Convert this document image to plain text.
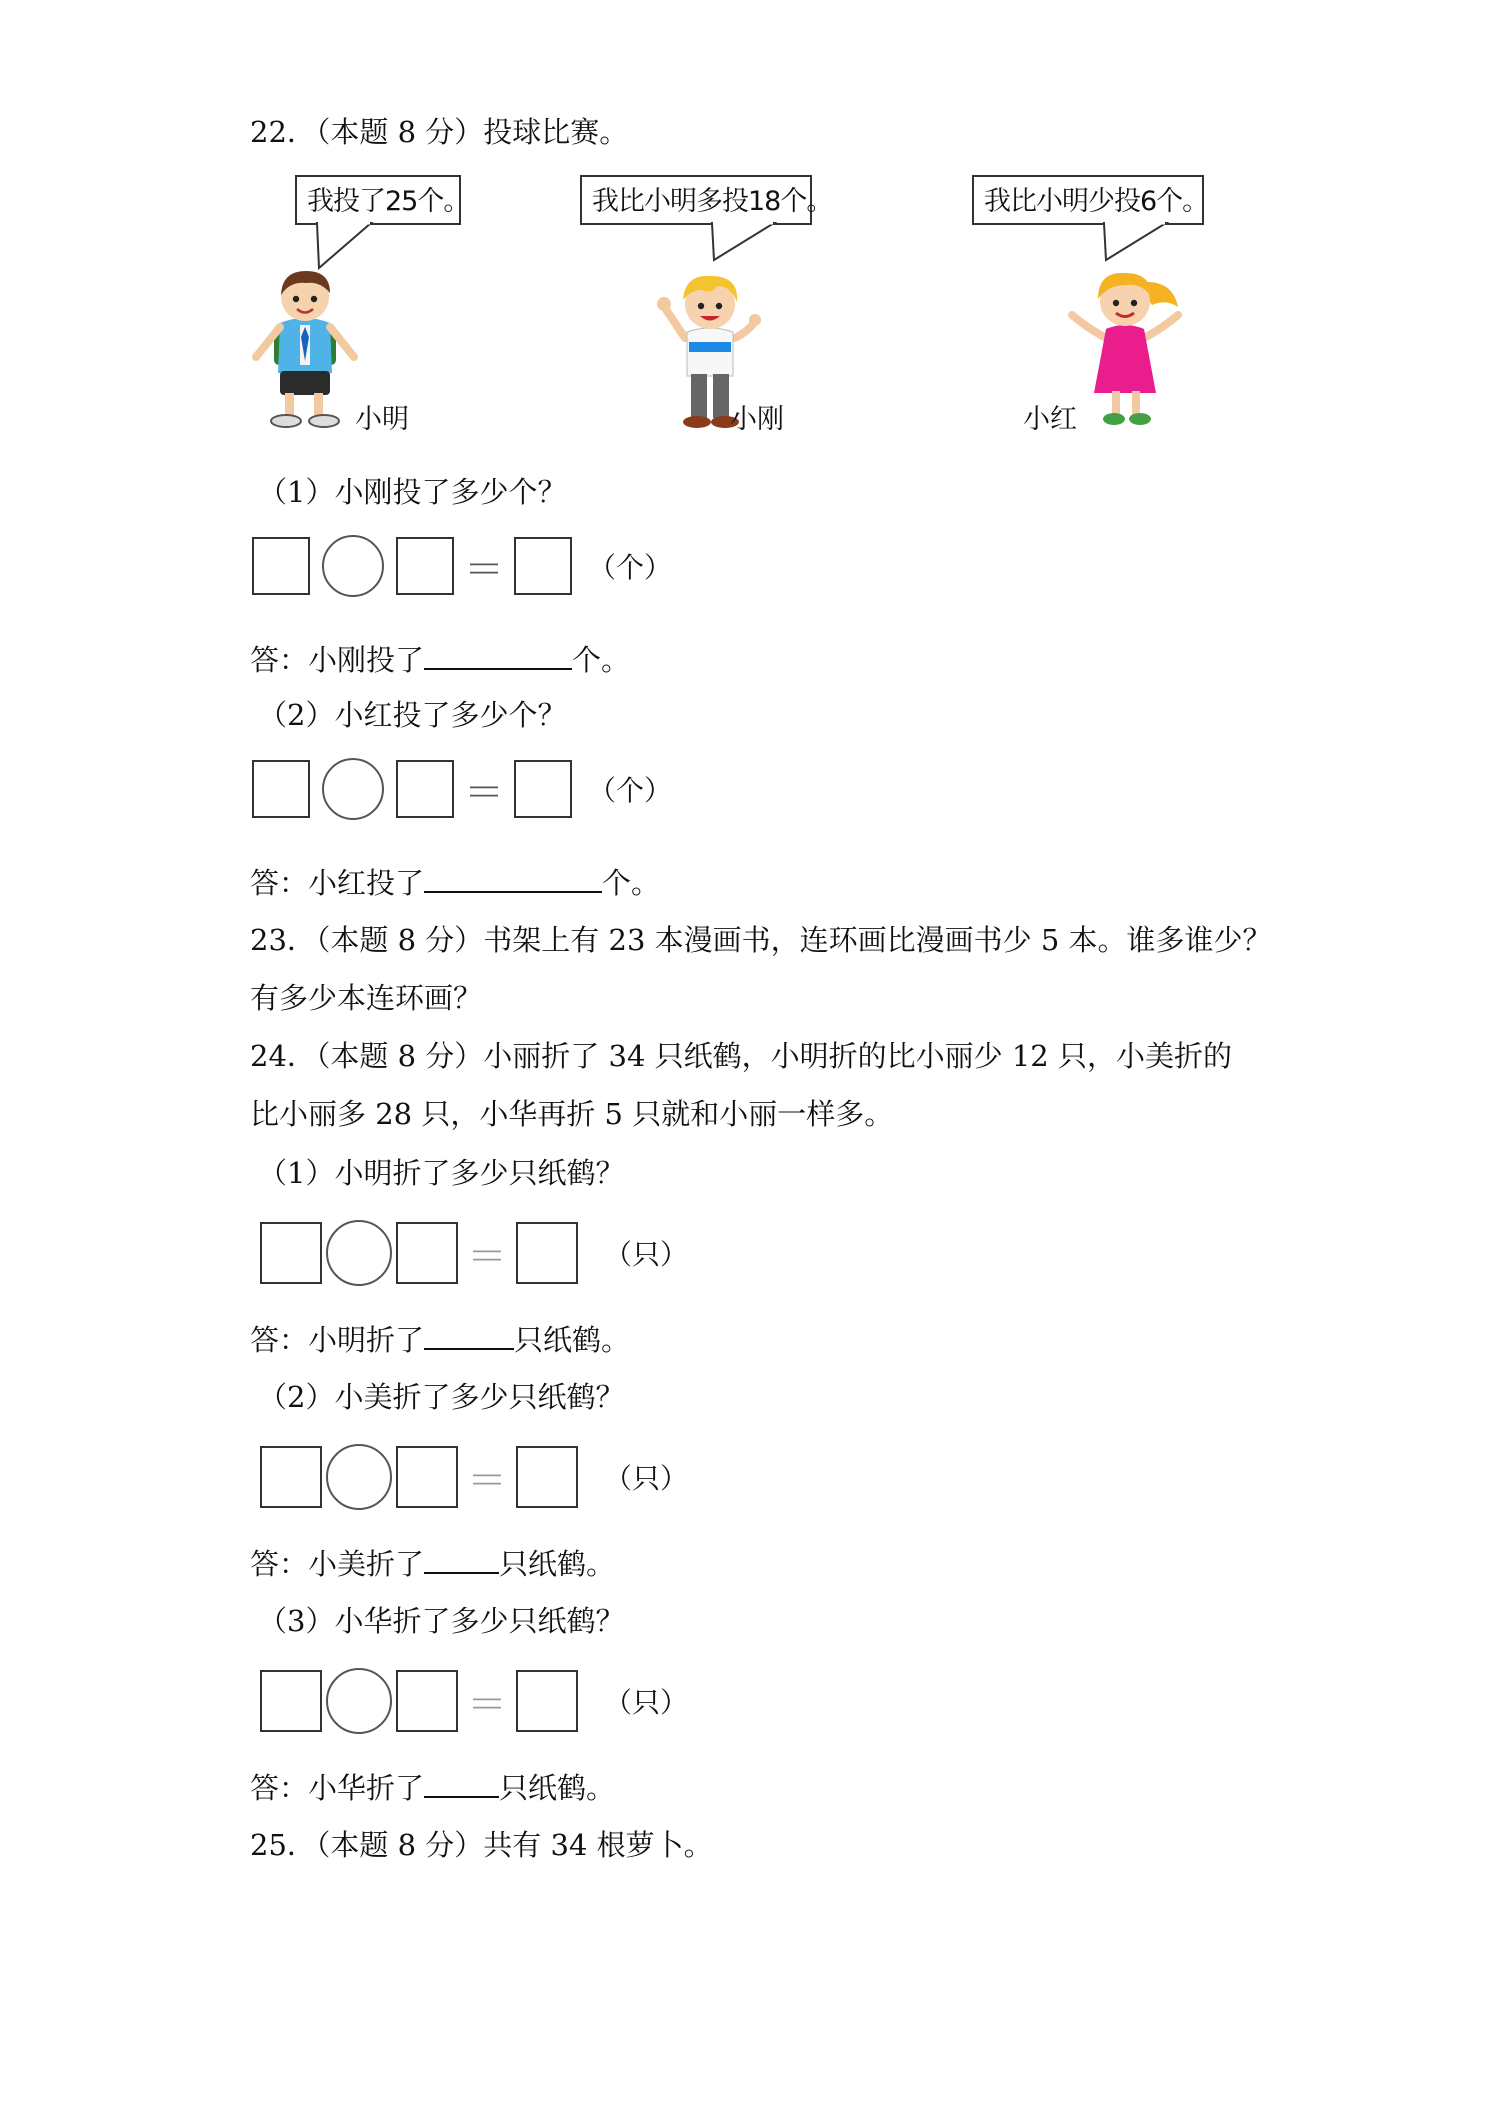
22．（本题 8 分）投球比赛。
我投了25个。	我比小明多投18个。	我比小明少投6个。
小明	小刚	小红
（1）小刚投了多少个？
＝	（个）
答：小刚投了	个。
（2）小红投了多少个？
＝	（个）
答：小红投了	个。
23．（本题 8 分）书架上有 23 本漫画书，连环画比漫画书少 5 本。谁多谁少？
有多少本连环画？
24．（本题 8 分）小丽折了 34 只纸鹤，小明折的比小丽少 12 只，小美折的
比小丽多 28 只，小华再折 5 只就和小丽一样多。
（1）小明折了多少只纸鹤？
＝	（只）
答：小明折了	只纸鹤。
（2）小美折了多少只纸鹤？
＝	（只）
答：小美折了	只纸鹤。
（3）小华折了多少只纸鹤？
＝	（只）
答：小华折了	只纸鹤。
25．（本题 8 分）共有 34 根萝卜。
